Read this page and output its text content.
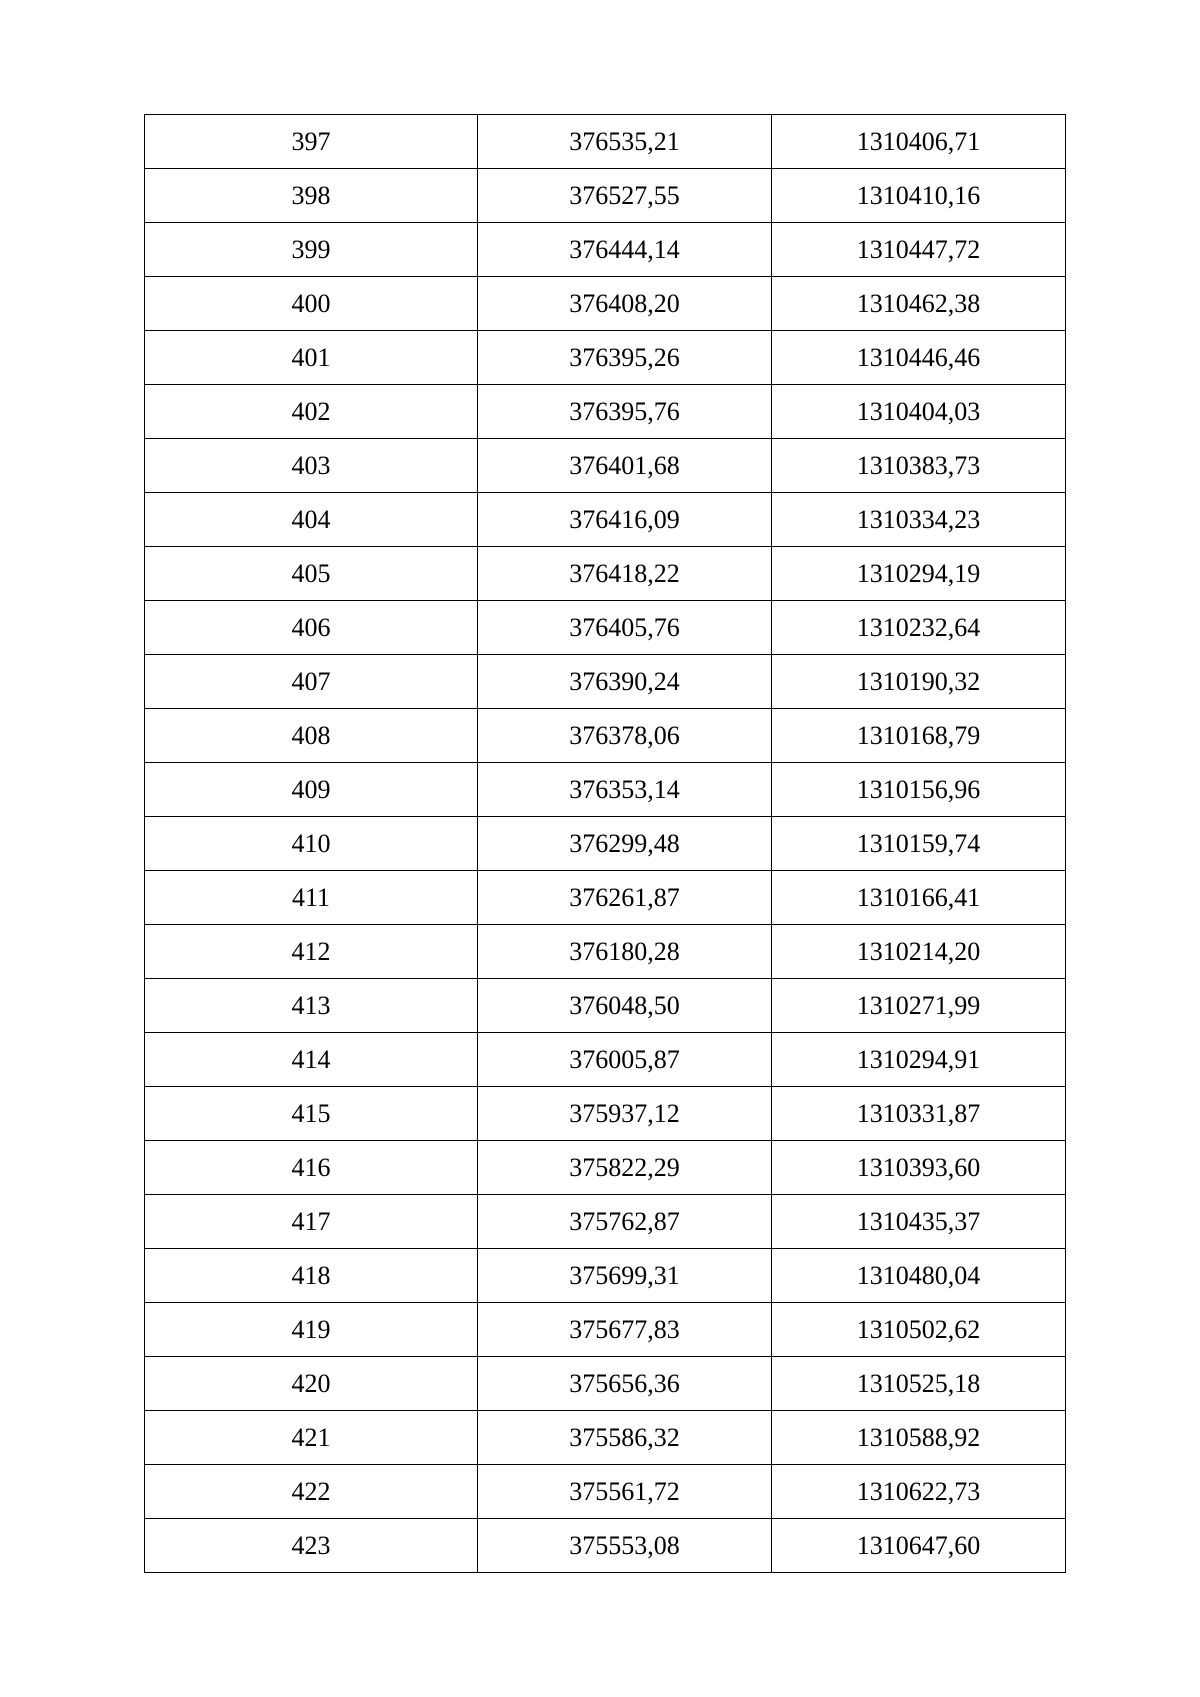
397	376535,21	1310406,71
398	376527,55	1310410,16
399	376444,14	1310447,72
400	376408,20	1310462,38
401	376395,26	1310446,46
402	376395,76	1310404,03
403	376401,68	1310383,73
404	376416,09	1310334,23
405	376418,22	1310294,19
406	376405,76	1310232,64
407	376390,24	1310190,32
408	376378,06	1310168,79
409	376353,14	1310156,96
410	376299,48	1310159,74
411	376261,87	1310166,41
412	376180,28	1310214,20
413	376048,50	1310271,99
414	376005,87	1310294,91
415	375937,12	1310331,87
416	375822,29	1310393,60
417	375762,87	1310435,37
418	375699,31	1310480,04
419	375677,83	1310502,62
420	375656,36	1310525,18
421	375586,32	1310588,92
422	375561,72	1310622,73
423	375553,08	1310647,60
